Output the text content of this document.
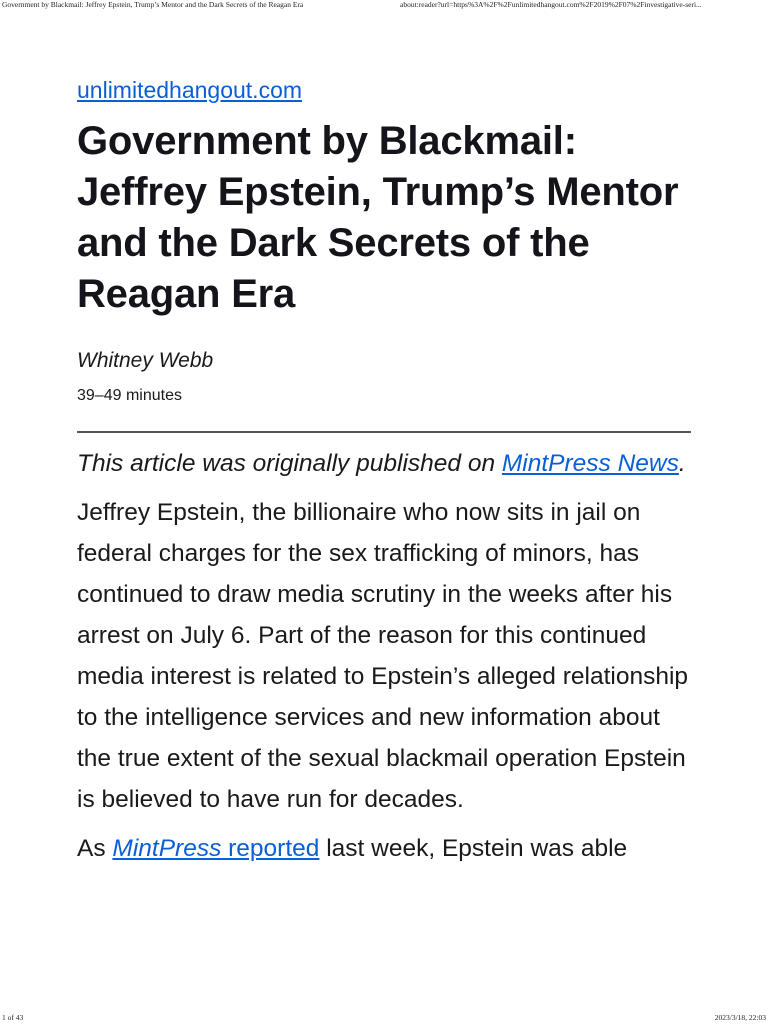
Government by Blackmail: Jeffrey Epstein, Trump’s Mentor and the Dark Secrets of the Reagan Era	about:reader?url=https%3A%2F%2Funlimitedhangout.com%2F2019%2F07%2Finvestigative-seri...
unlimitedhangout.com
Government by Blackmail: Jeffrey Epstein, Trump’s Mentor and the Dark Secrets of the Reagan Era

Whitney Webb

39–49 minutes

This article was originally published on MintPress News.

Jeffrey Epstein, the billionaire who now sits in jail on federal charges for the sex trafficking of minors, has continued to draw media scrutiny in the weeks after his arrest on July 6. Part of the reason for this continued media interest is related to Epstein’s alleged relationship to the intelligence services and new information about the true extent of the sexual blackmail operation Epstein is believed to have run for decades.

As MintPress reported last week, Epstein was able

1 of 43	2023/3/18, 22:03
